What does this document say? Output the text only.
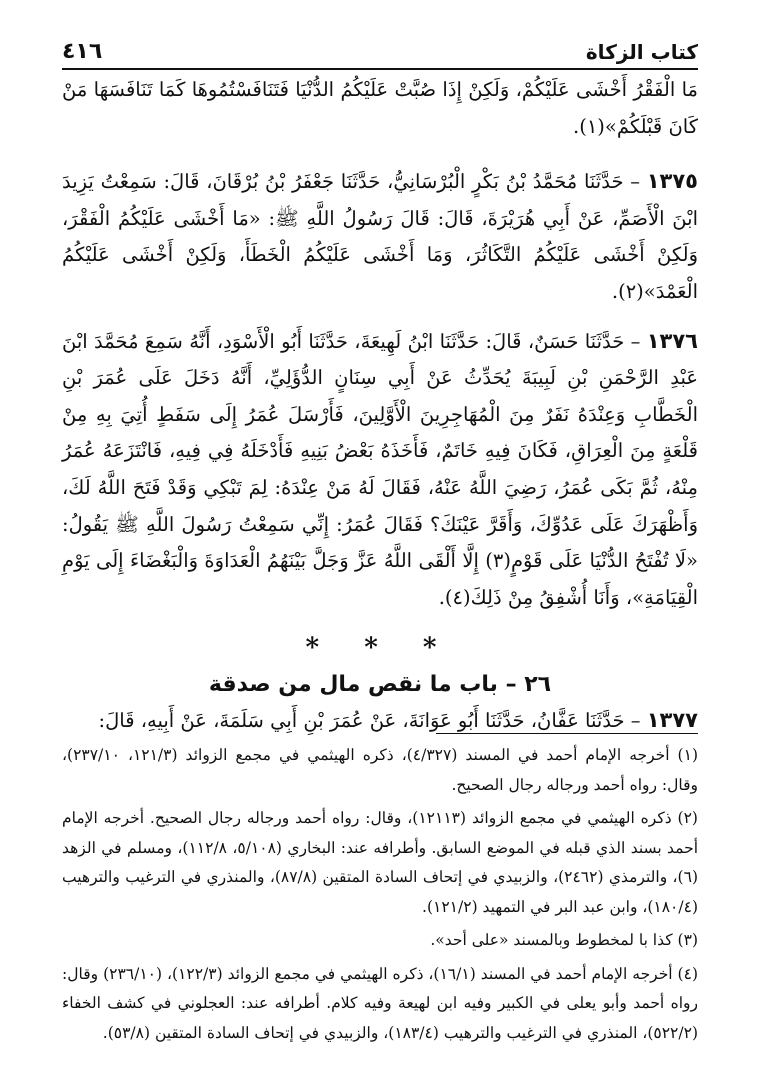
كتاب الزكاة
٤١٦

مَا الْفَقْرُ أَخْشَى عَلَيْكُمْ، وَلَكِنْ إِذَا صُبَّتْ عَلَيْكُمُ الدُّنْيَا فَتَنَافَسْتُمُوهَا كَمَا تَنَافَسَهَا مَنْ كَانَ قَبْلَكُمْ»(١).

١٣٧٥ – حَدَّثَنَا مُحَمَّدُ بْنُ بَكْرٍ الْبُرْسَانِيُّ، حَدَّثَنَا جَعْفَرُ بْنُ بُرْقَانَ، قَالَ: سَمِعْتُ يَزِيدَ ابْنَ الْأَصَمِّ، عَنْ أَبِي هُرَيْرَةَ، قَالَ: قَالَ رَسُولُ اللَّهِ ﷺ: «مَا أَخْشَى عَلَيْكُمُ الْفَقْرَ، وَلَكِنْ أَخْشَى عَلَيْكُمُ التَّكَاثُرَ، وَمَا أَخْشَى عَلَيْكُمُ الْخَطَأَ، وَلَكِنْ أَخْشَى عَلَيْكُمُ الْعَمْدَ»(٢).

١٣٧٦ – حَدَّثَنَا حَسَنٌ، قَالَ: حَدَّثَنَا ابْنُ لَهِيعَةَ، حَدَّثَنَا أَبُو الْأَسْوَدِ، أَنَّهُ سَمِعَ مُحَمَّدَ ابْنَ عَبْدِ الرَّحْمَنِ بْنِ لَبِيبَةَ يُحَدِّثُ عَنْ أَبِي سِنَانٍ الدُّؤَلِيِّ، أَنَّهُ دَخَلَ عَلَى عُمَرَ بْنِ الْخَطَّابِ وَعِنْدَهُ نَفَرٌ مِنَ الْمُهَاجِرِينَ الْأَوَّلِينَ، فَأَرْسَلَ عُمَرُ إِلَى سَفَطٍ أُتِيَ بِهِ مِنْ قَلْعَةٍ مِنَ الْعِرَاقِ، فَكَانَ فِيهِ خَاتَمٌ، فَأَخَذَهُ بَعْضُ بَنِيهِ فَأَدْخَلَهُ فِي فِيهِ، فَانْتَزَعَهُ عُمَرُ مِنْهُ، ثُمَّ بَكَى عُمَرُ، رَضِيَ اللَّهُ عَنْهُ، فَقَالَ لَهُ مَنْ عِنْدَهُ: لِمَ تَبْكِي وَقَدْ فَتَحَ اللَّهُ لَكَ، وَأَظْهَرَكَ عَلَى عَدُوِّكَ، وَأَقَرَّ عَيْنَكَ؟ فَقَالَ عُمَرُ: إِنِّي سَمِعْتُ رَسُولَ اللَّهِ ﷺ يَقُولُ: «لَا تُفْتَحُ الدُّنْيَا عَلَى قَوْمٍ(٣) إِلَّا أَلْقَى اللَّهُ عَزَّ وَجَلَّ بَيْنَهُمُ الْعَدَاوَةَ وَالْبَغْضَاءَ إِلَى يَوْمِ الْقِيَامَةِ»، وَأَنَا أُشْفِقُ مِنْ ذَلِكَ(٤).

* * *

٢٦ – باب ما نقص مال من صدقة

١٣٧٧ – حَدَّثَنَا عَفَّانُ، حَدَّثَنَا أَبُو عَوَانَةَ، عَنْ عُمَرَ بْنِ أَبِي سَلَمَةَ، عَنْ أَبِيهِ، قَالَ:

(١) أخرجه الإمام أحمد في المسند (٤/٣٢٧)، ذكره الهيثمي في مجمع الزوائد (١٢١/٣، ٢٣٧/١٠)، وقال: رواه أحمد ورجاله رجال الصحيح.

(٢) ذكره الهيثمي في مجمع الزوائد (١٢١١٣)، وقال: رواه أحمد ورجاله رجال الصحيح. أخرجه الإمام أحمد بسند الذي قبله في الموضع السابق. وأطرافه عند: البخاري (٥/١٠٨، ١١٢/٨)، ومسلم في الزهد (٦)، والترمذي (٢٤٦٢)، والزبيدي في إتحاف السادة المتقين (٨٧/٨)، والمنذري في الترغيب والترهيب (١٨٠/٤)، وابن عبد البر في التمهيد (١٢١/٢).

(٣) كذا با لمخطوط وبالمسند «على أحد».

(٤) أخرجه الإمام أحمد في المسند (١٦/١)، ذكره الهيثمي في مجمع الزوائد (١٢٢/٣)، (٢٣٦/١٠) وقال: رواه أحمد وأبو يعلى في الكبير وفيه ابن لهيعة وفيه كلام. أطرافه عند: العجلوني في كشف الخفاء (٥٢٢/٢)، المنذري في الترغيب والترهيب (١٨٣/٤)، والزبيدي في إتحاف السادة المتقين (٥٣/٨).
